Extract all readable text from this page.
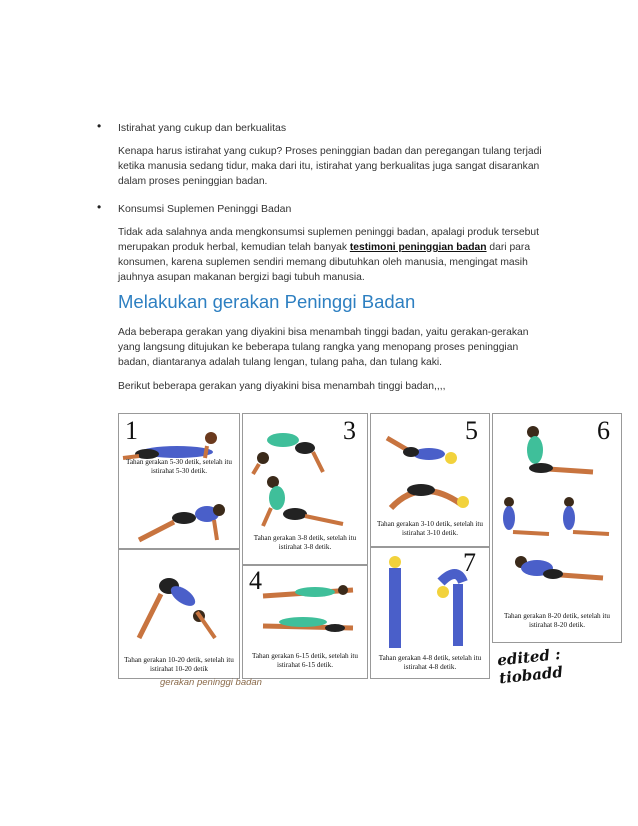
• Istirahat yang cukup dan berkualitas
Kenapa harus istirahat yang cukup? Proses peninggian badan dan peregangan tulang terjadi ketika manusia sedang tidur, maka dari itu, istirahat yang berkualitas juga sangat disarankan dalam proses peninggian badan.
• Konsumsi Suplemen Peninggi Badan
Tidak ada salahnya anda mengkonsumsi suplemen peninggi badan, apalagi produk tersebut merupakan produk herbal, kemudian telah banyak testimoni peninggian badan dari para konsumen, karena suplemen sendiri memang dibutuhkan oleh manusia, mengingat masih jauhnya asupan makanan bergizi bagi tubuh manusia.
Melakukan gerakan Peninggi Badan
Ada beberapa gerakan yang diyakini bisa menambah tinggi badan, yaitu gerakan-gerakan yang langsung ditujukan ke beberapa tulang rangka yang menopang proses peninggian badan, diantaranya adalah tulang lengan, tulang paha, dan tulang kaki.
Berikut beberapa gerakan yang diyakini bisa menambah tinggi badan,,,,
1
Tahan gerakan 5-30 detik, setelah itu istirahat 5-30 detik.
Tahan gerakan 10-20 detik, setelah itu istirahat 10-20 detik
3
Tahan gerakan 3-8 detik, setelah itu istirahat 3-8 detik.
4
Tahan gerakan 6-15 detik, setelah itu istirahat 6-15 detik.
5
Tahan gerakan 3-10 detik, setelah itu istirahat 3-10 detik.
7
Tahan gerakan 4-8 detik, setelah itu istirahat 4-8 detik.
6
Tahan gerakan 8-20 detik, setelah itu istirahat 8-20 detik.
edited : tiobadd
gerakan peninggi badan
